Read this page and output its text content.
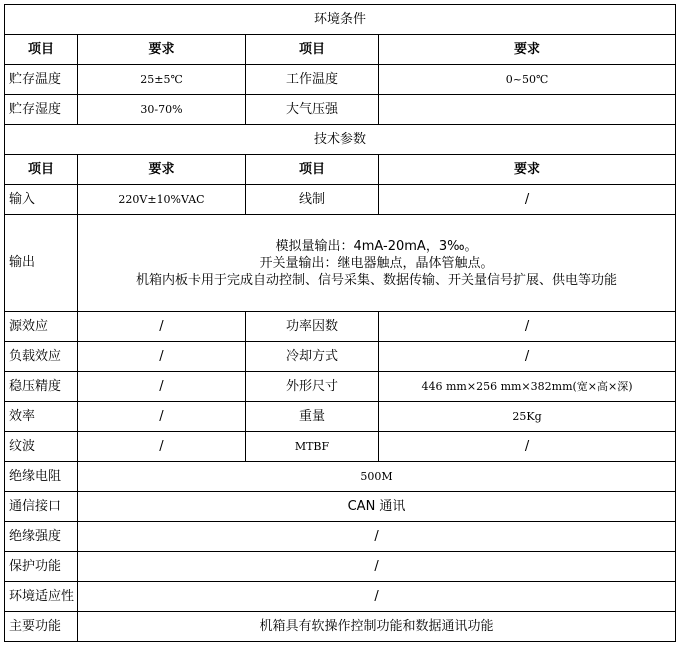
环境条件			
项目	要求	项目	要求
贮存温度	25±5℃	工作温度	0~50℃
贮存湿度	30-70%	大气压强	
技术参数			
项目	要求	项目	要求
输入	220V±10%VAC	线制	/
输出	模拟量输出：4mA-20mA，3‰。
开关量输出：继电器触点，晶体管触点。
机箱内板卡用于完成自动控制、信号采集、数据传输、开关量信号扩展、供电等功能		

源效应	/	功率因数	/
负载效应	/	冷却方式	/
稳压精度	/	外形尺寸	446 mm×256 mm×382mm(宽×高×深)
效率	/	重量	25Kg
纹波	/	MTBF	/
绝缘电阻	500M		
通信接口	CAN 通讯		
绝缘强度	/		
保护功能	/		
环境适应性	/		
主要功能	机箱具有软操作控制功能和数据通讯功能		
